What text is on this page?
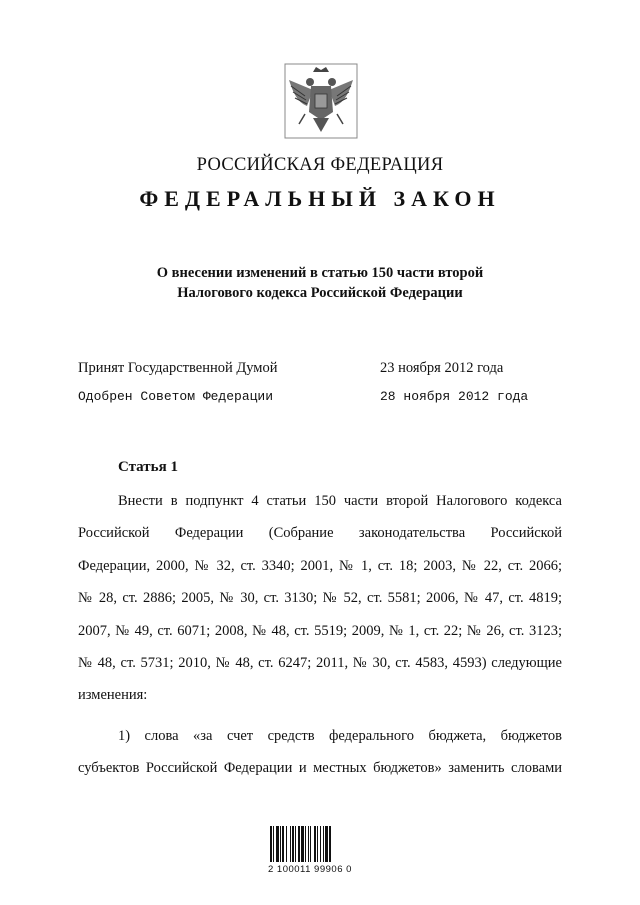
РОССИЙСКАЯ ФЕДЕРАЦИЯ
ФЕДЕРАЛЬНЫЙ ЗАКОН
О внесении изменений в статью 150 части второй
Налогового кодекса Российской Федерации
Принят Государственной Думой	23 ноября 2012 года
Одобрен Советом Федерации	28 ноября 2012 года
Статья 1
Внести в подпункт 4 статьи 150 части второй Налогового кодекса
Российской Федерации (Собрание законодательства Российской
Федерации, 2000, № 32, ст. 3340; 2001, № 1, ст. 18; 2003, № 22, ст. 2066;
№ 28, ст. 2886; 2005, № 30, ст. 3130; № 52, ст. 5581; 2006, № 47, ст. 4819;
2007, № 49, ст. 6071; 2008, № 48, ст. 5519; 2009, № 1, ст. 22; № 26, ст. 3123;
№ 48, ст. 5731; 2010, № 48, ст. 6247; 2011, № 30, ст. 4583, 4593) следующие
изменения:
1) слова «за счет средств федерального бюджета, бюджетов
субъектов Российской Федерации и местных бюджетов» заменить словами
2 100011 99906 0
